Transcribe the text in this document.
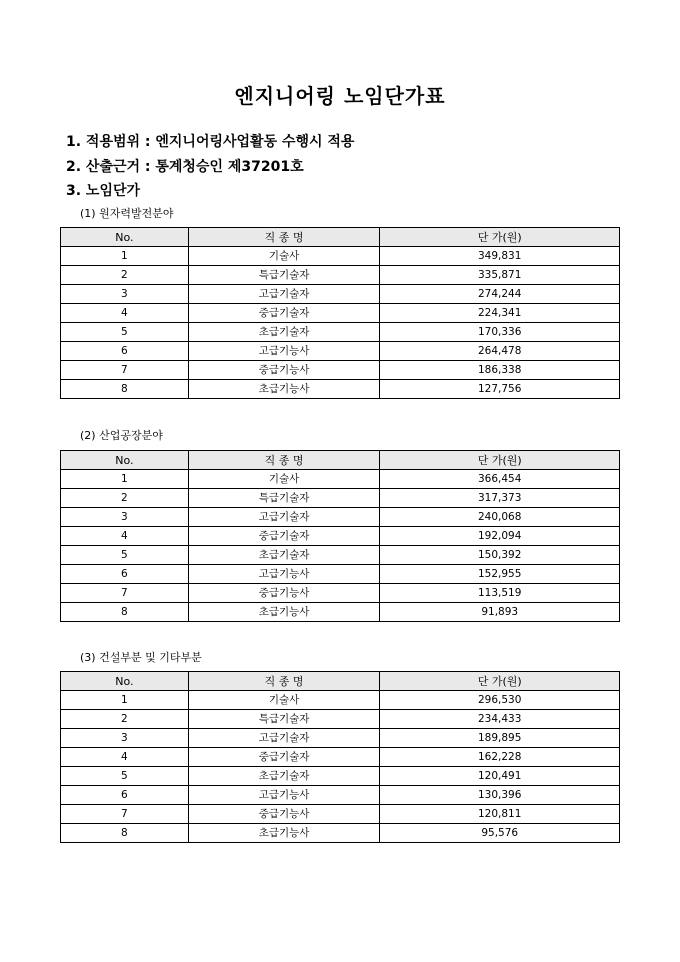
엔지니어링 노임단가표
1. 적용범위 : 엔지니어링사업활동 수행시 적용
2. 산출근거 : 통계청승인 제37201호
3. 노임단가
(1) 원자력발전분야
No.	직 종 명	단 가(원)
1	기술사	349,831
2	특급기술자	335,871
3	고급기술자	274,244
4	중급기술자	224,341
5	초급기술자	170,336
6	고급기능사	264,478
7	중급기능사	186,338
8	초급기능사	127,756
(2) 산업공장분야
No.	직 종 명	단 가(원)
1	기술사	366,454
2	특급기술자	317,373
3	고급기술자	240,068
4	중급기술자	192,094
5	초급기술자	150,392
6	고급기능사	152,955
7	중급기능사	113,519
8	초급기능사	91,893
(3) 건설부분 및 기타부분
No.	직 종 명	단 가(원)
1	기술사	296,530
2	특급기술자	234,433
3	고급기술자	189,895
4	중급기술자	162,228
5	초급기술자	120,491
6	고급기능사	130,396
7	중급기능사	120,811
8	초급기능사	95,576
